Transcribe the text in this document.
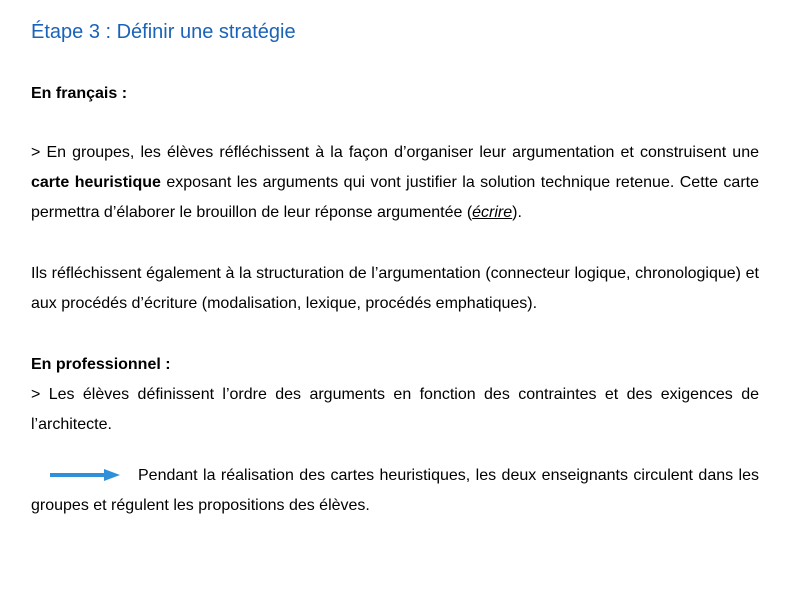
Étape 3 : Définir une stratégie
En français :

> En groupes, les élèves réfléchissent à la façon d’organiser leur argumentation et construisent une carte heuristique exposant les arguments qui vont justifier la solution technique retenue. Cette carte permettra d’élaborer le brouillon de leur réponse argumentée (écrire).

Ils réfléchissent également à la structuration de l’argumentation (connecteur logique, chronologique) et aux procédés d’écriture (modalisation, lexique, procédés emphatiques).

En professionnel :

> Les élèves définissent l’ordre des arguments en fonction des contraintes et des exigences de l’architecte.

Pendant la réalisation des cartes heuristiques, les deux enseignants circulent dans les groupes et régulent les propositions des élèves.
